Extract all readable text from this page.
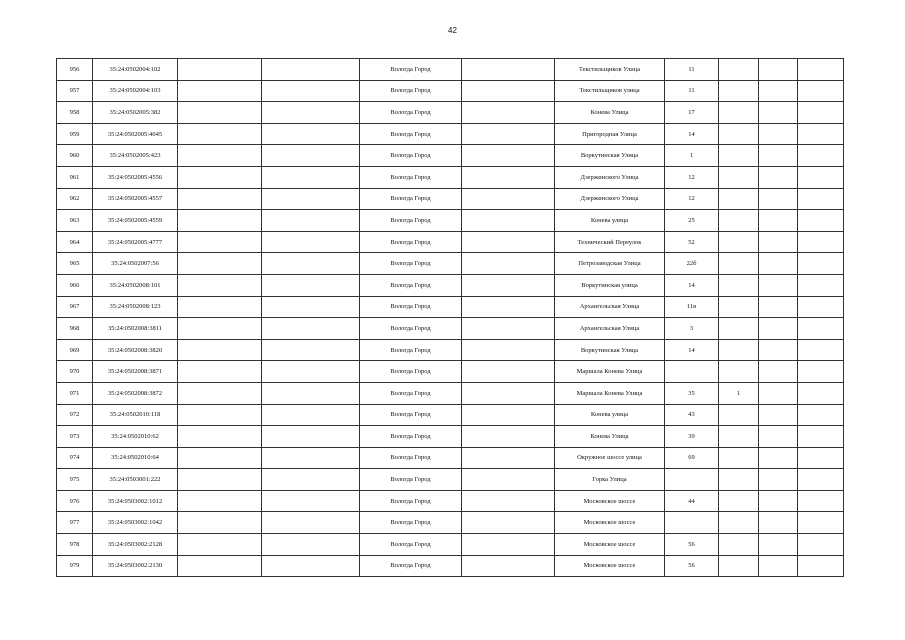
42
956	35:24:0502004:102			Вологда Город		Текстильщиков Улица	11			
957	35:24:0502004:103			Вологда Город		Текстильщиков улица	11			
958	35:24:0502005:382			Вологда Город		Конева Улица	17			
959	35:24:0502005:4045			Вологда Город		Пригородная Улица	14			
960	35:24:0502005:423			Вологда Город		Воркутинская Улица	1			
961	35:24:0502005:4556			Вологда Город		Дзержинского Улица	12			
962	35:24:0502005:4557			Вологда Город		Дзержинского Улица	12			
963	35:24:0502005:4559			Вологда Город		Конева улица	25			
964	35:24:0502005:4777			Вологда Город		Технический Переулок	52			
965	35:24:0502007:56			Вологда Город		Петрозаводская Улица	22б			
966	35:24:0502008:101			Вологда Город		Воркутинская улица	14			
967	35:24:0502008:123			Вологда Город		Архангельская Улица	11в			
968	35:24:0502008:3811			Вологда Город		Архангельская Улица	3			
969	35:24:0502008:3820			Вологда Город		Воркутинская Улица	14			
970	35:24:0502008:3871			Вологда Город		Маршала Конева Улица				
971	35:24:0502008:3872			Вологда Город		Маршала Конева Улица	35	1		
972	35:24:0502010:118			Вологда Город		Конева улица	43			
973	35:24:0502010:62			Вологда Город		Конева Улица	39			
974	35:24:0502010:64			Вологда Город		Окружное шоссе улица	69			
975	35:24:0503001:222			Вологда Город		Горка Улица				
976	35:24:0503002:1012			Вологда Город		Московское шоссе	44			
977	35:24:0503002:1042			Вологда Город		Московское шоссе				
978	35:24:0503002:2128			Вологда Город		Московское шоссе	56			
979	35:24:0503002:2130			Вологда Город		Московское шоссе	56			
